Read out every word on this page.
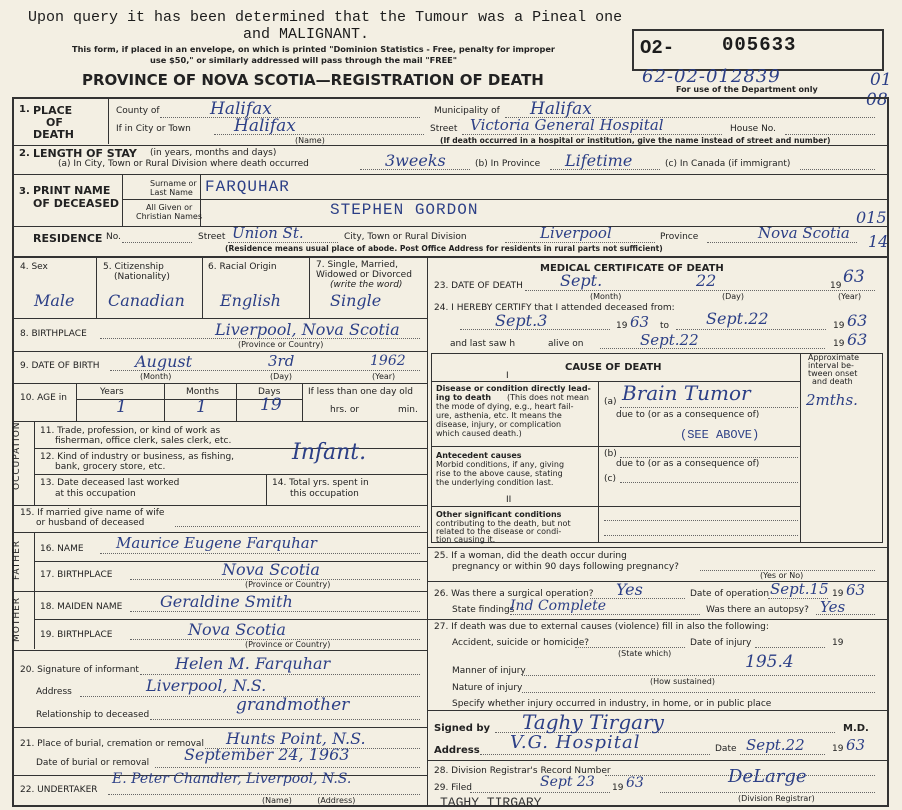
Upon query it has been determined that the Tumour was a Pineal one
and MALIGNANT.
This form, if placed in an envelope, on which is printed "Dominion Statistics - Free, penalty for improper
use $50," or similarly addressed will pass through the mail "FREE"
PROVINCE OF NOVA SCOTIA—REGISTRATION OF DEATH
O2-	005633
62-02-012839
For use of the Department only	01
08
1. PLACE
OF
DEATH
County of	Halifax	Municipality of Halifax
If in City or Town	Halifax
(Name)
Street Victoria General Hospital	House No.
(If death occurred in a hospital or institution, give the name instead of street and number)
2. LENGTH OF STAY (in years, months and days)
(a) In City, Town or Rural Division where death occurred	3weeks	(b) In Province Lifetime	(c) In Canada (if immigrant)
3. PRINT NAME
OF DECEASED
Surname or
Last Name FARQUHAR
All Given or
Christian Names	STEPHEN GORDON
RESIDENCE No.	Street Union St.	City, Town or Rural Division	Liverpool	Province	Nova Scotia
015
14
(Residence means usual place of abode. Post Office Address for residents in rural parts not sufficient)
4. Sex
Male
5. Citizenship
(Nationality)
Canadian
6. Racial Origin
English
7. Single, Married,
Widowed or Divorced
(write the word)
Single
8. BIRTHPLACE	Liverpool, Nova Scotia
(Province or Country)
9. DATE OF BIRTH August	3rd	1962
(Month)	(Day)	(Year)
10. AGE in
Years	Months	Days
1	1	19
If less than one day old
hrs. or	min.
OCCUPATION 11. Trade, profession, or kind of work as
fisherman, office clerk, sales clerk, etc.
12. Kind of industry or business, as fishing,
bank, grocery store, etc.
Infant.
13. Date deceased last worked
at this occupation
14. Total yrs. spent in
this occupation
15. If married give name of wife
or husband of deceased
FATHER 16. NAME Maurice Eugene Farquhar
17. BIRTHPLACE	Nova Scotia
(Province or Country)
MOTHER 18. MAIDEN NAME Geraldine Smith
19. BIRTHPLACE	Nova Scotia
(Province or Country)
20. Signature of informant Helen M. Farquhar
Address	Liverpool, N.S.
Relationship to deceased	grandmother
21. Place of burial, cremation or removal Hunts Point, N.S.
Date of burial or removal September 24, 1963
22. UNDERTAKER
E. Peter Chandler, Liverpool, N.S.
(Name)          (Address)
MEDICAL CERTIFICATE OF DEATH
23. DATE OF DEATH Sept.	22	19 63
(Month)	(Day)	(Year)
24. I HEREBY CERTIFY that I attended deceased from:
Sept.3	19 63 to Sept.22	19 63
and last saw h	alive on	Sept.22	19 63
CAUSE OF DEATH
Approximate
interval be-
tween onset
and death
I
Disease or condition directly lead-
ing to death (This does not mean
the mode of dying, e.g., heart fail-
ure, asthenia, etc. It means the
disease, injury, or complication
which caused death.)
(a) Brain Tumor	2mths.
due to (or as a consequence of)
(SEE ABOVE)
(b)
Antecedent causes
Morbid conditions, if any, giving
rise to the above cause, stating
the underlying condition last.
due to (or as a consequence of)
(c)
II
Other significant conditions
contributing to the death, but not
related to the disease or condi-
tion causing it.
25. If a woman, did the death occur during
pregnancy or within 90 days following pregnancy?
(Yes or No)
26. Was there a surgical operation? Yes	Date of operation Sept.15 19 63
State findings
Ind Complete	Was there an autopsy? Yes
27. If death was due to external causes (violence) fill in also the following:
Accident, suicide or homicide?	Date of injury	19
(State which)
Manner of injury	195.4
(How sustained)
Nature of injury
Specify whether injury occurred in industry, in home, or in public place
Signed by Taghy Tirgary	M.D.
Address V.G. Hospital	Date Sept.22	19 63
28. Division Registrar's Record Number
29. Filed	Sept 23 19 63	DeLarge
(Division Registrar)
TAGHY TIRGARY
